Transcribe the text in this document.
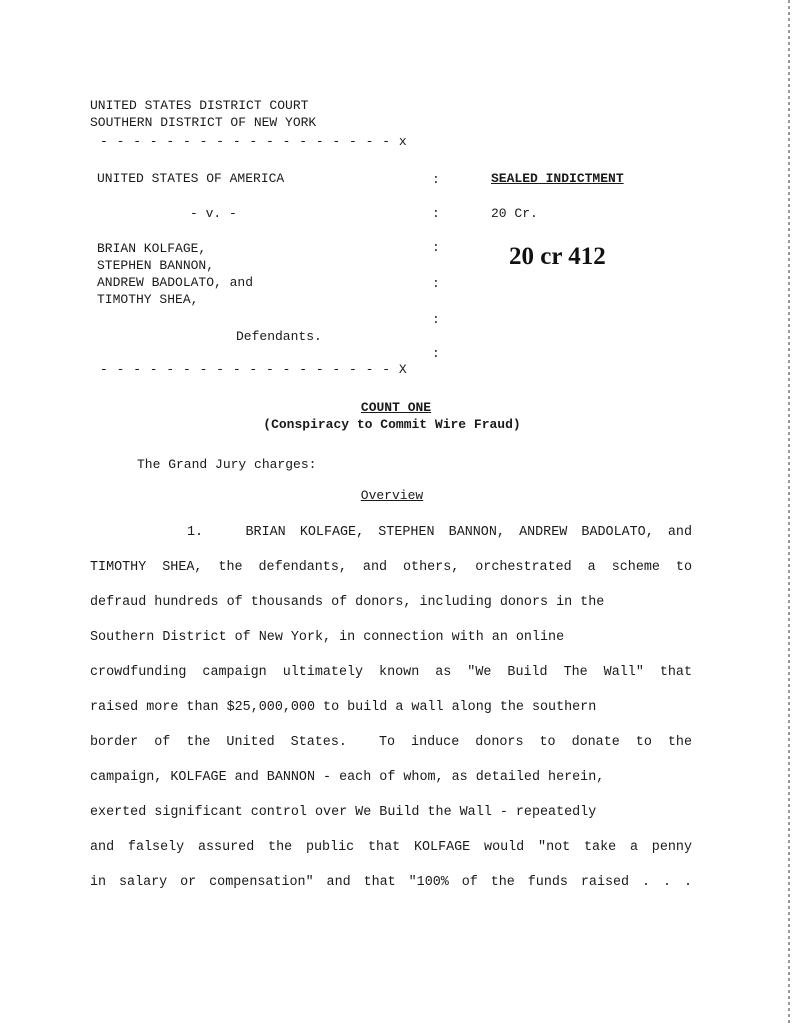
UNITED STATES DISTRICT COURT
SOUTHERN DISTRICT OF NEW YORK
- - - - - - - - - - - - - - - - - - x
UNITED STATES OF AMERICA
- v. -
BRIAN KOLFAGE,
STEPHEN BANNON,
ANDREW BADOLATO, and
TIMOTHY SHEA,
Defendants.
:
:
:
:
:
:
SEALED INDICTMENT
20 Cr.
20 cr 412
- - - - - - - - - - - - - - - - - - X
COUNT ONE
(Conspiracy to Commit Wire Fraud)
The Grand Jury charges:
Overview
1.   BRIAN KOLFAGE, STEPHEN BANNON, ANDREW BADOLATO, and
TIMOTHY SHEA, the defendants, and others, orchestrated a scheme to
defraud hundreds of thousands of donors, including donors in the
Southern District of New York, in connection with an online
crowdfunding campaign ultimately known as "We Build The Wall" that
raised more than $25,000,000 to build a wall along the southern
border of the United States.  To induce donors to donate to the
campaign, KOLFAGE and BANNON - each of whom, as detailed herein,
exerted significant control over We Build the Wall - repeatedly
and falsely assured the public that KOLFAGE would "not take a penny
in salary or compensation" and that "100% of the funds raised . . .
